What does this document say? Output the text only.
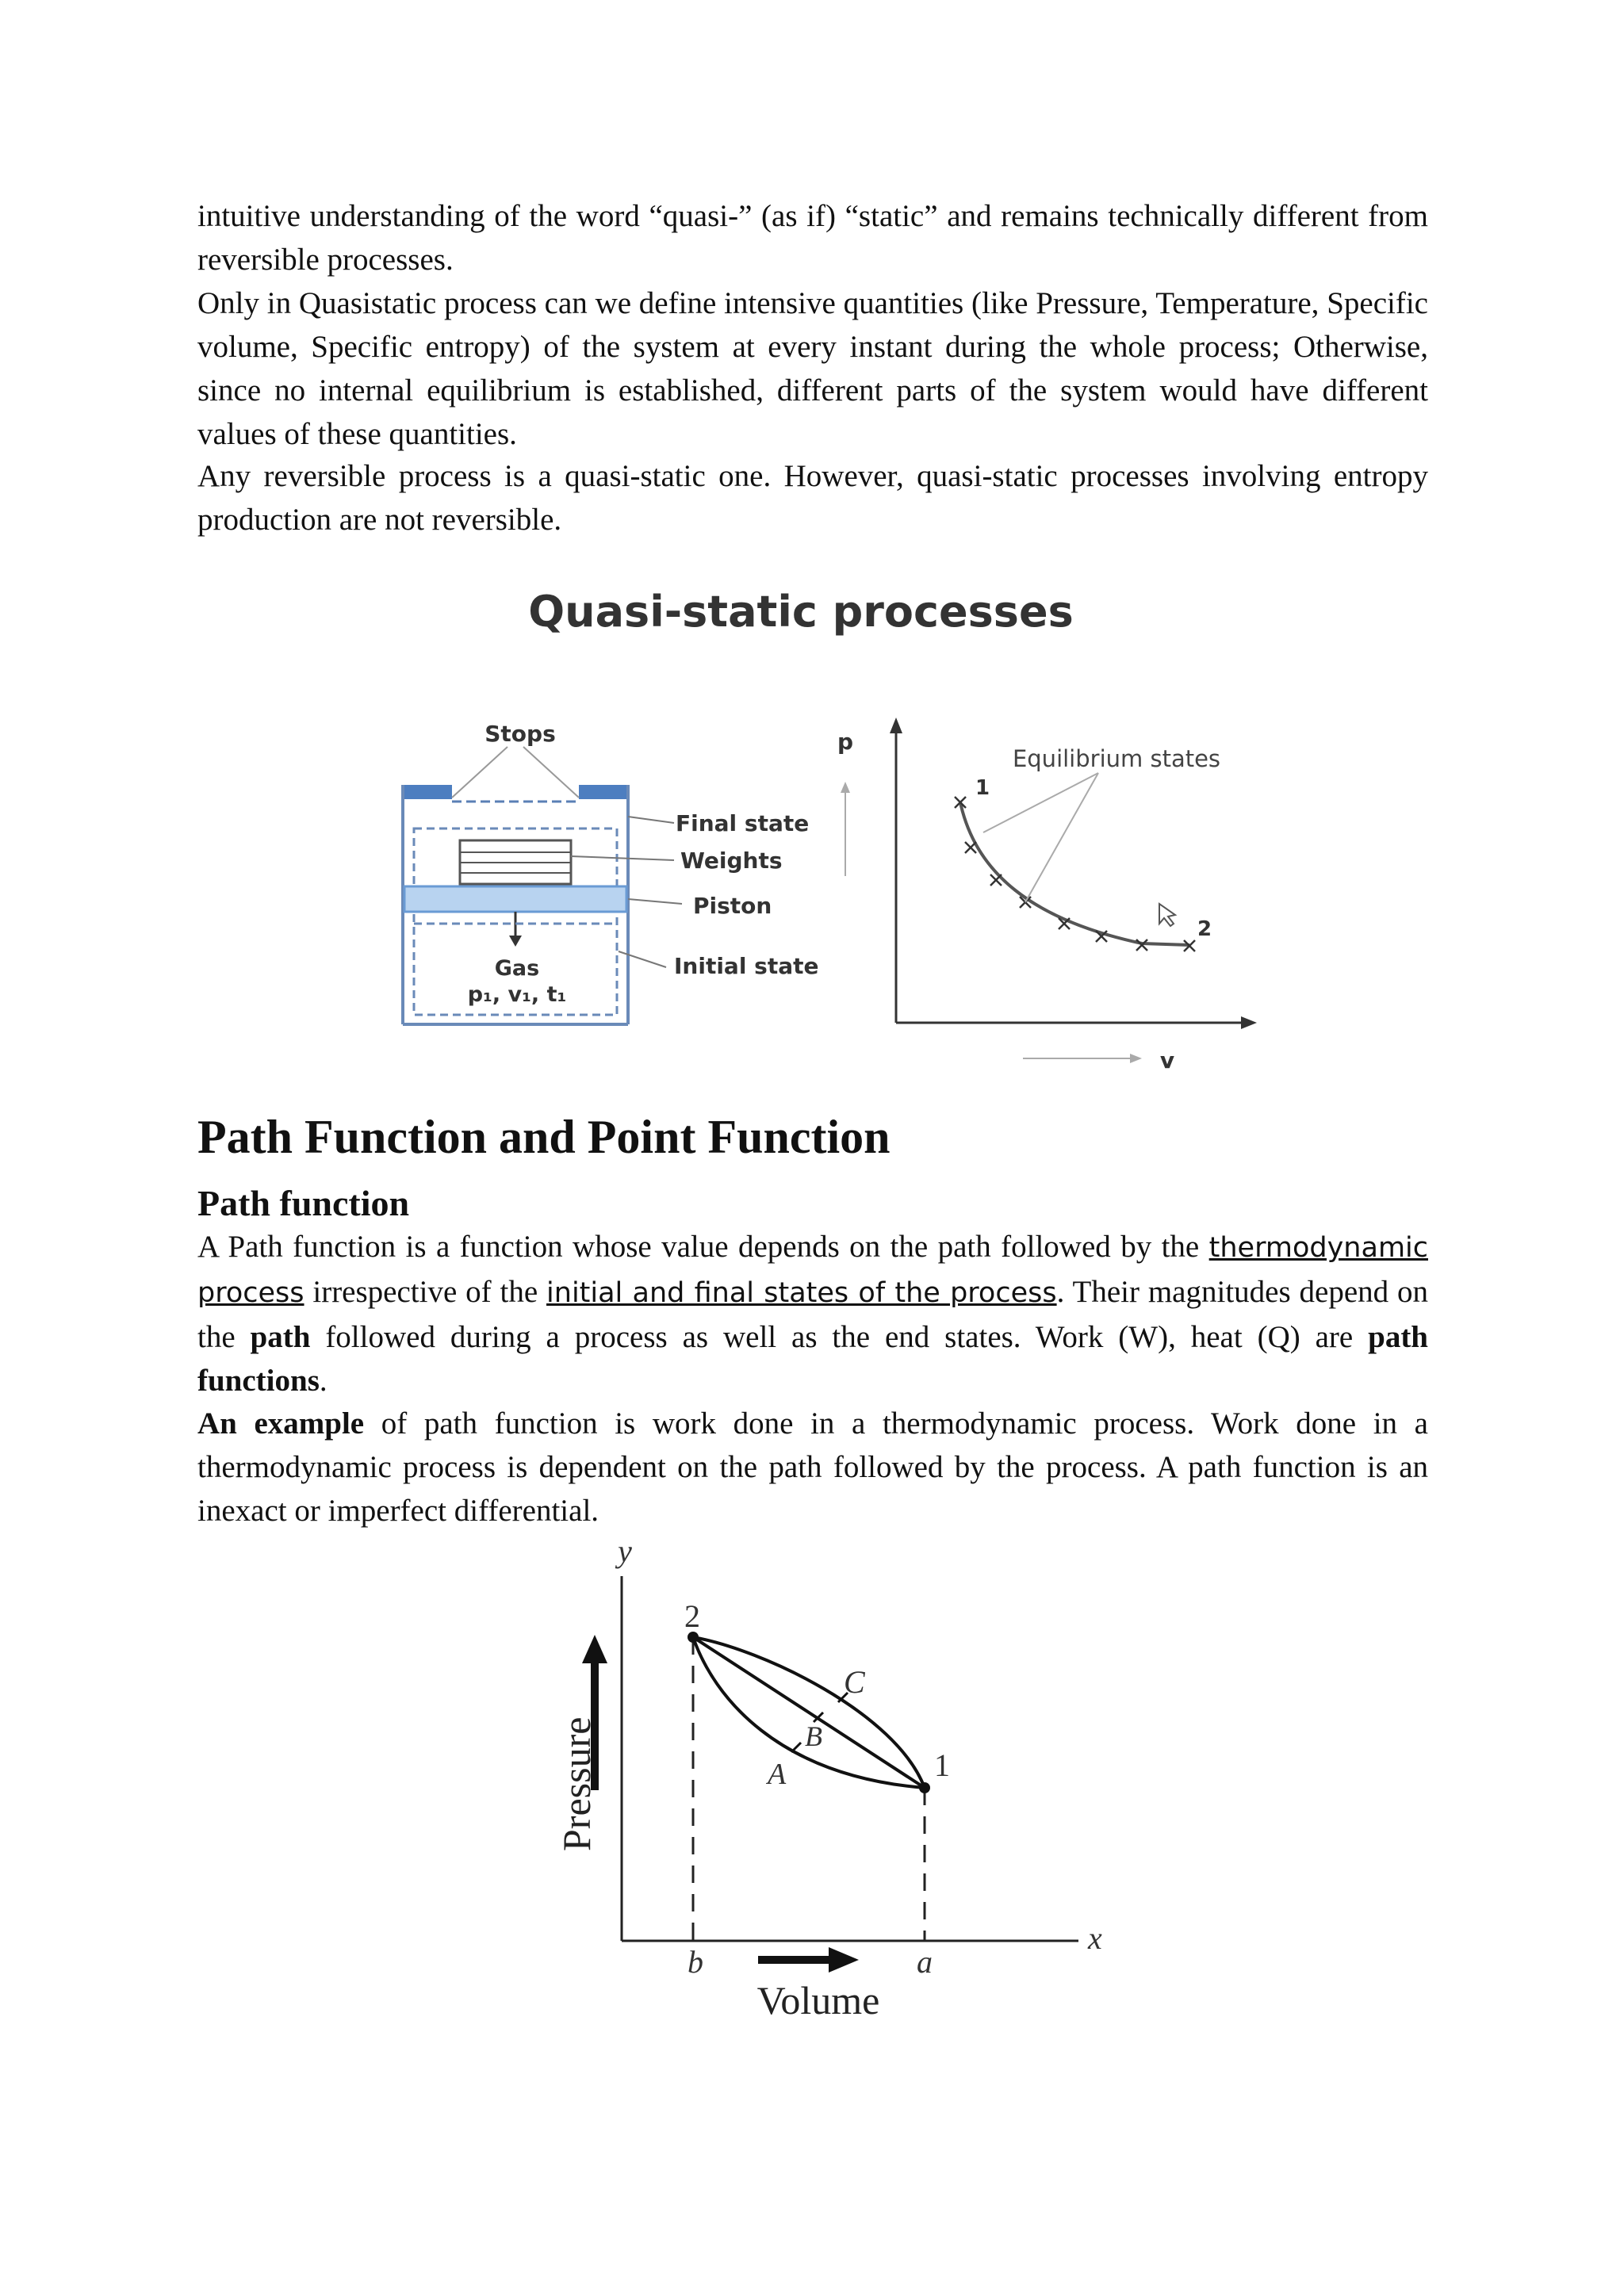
intuitive understanding of the word “quasi-” (as if) “static” and remains technically different from reversible processes.

Only in Quasistatic process can we define intensive quantities (like Pressure, Temperature, Specific volume, Specific entropy) of the system at every instant during the whole process; Otherwise, since no internal equilibrium is established, different parts of the system would have different values of these quantities.

Any reversible process is a quasi-static one. However, quasi-static processes involving entropy production are not reversible.

Quasi-static processes
Stops
Final state
Weights
Piston
Gas
p₁, v₁, t₁
Initial state
p
v
Equilibrium states
1
2
Path Function and Point Function
Path function

A Path function is a function whose value depends on the path followed by the thermodynamic process irrespective of the initial and final states of the process. Their magnitudes depend on the path followed during a process as well as the end states. Work (W), heat (Q) are path functions.

An example of path function is work done in a thermodynamic process. Work done in a thermodynamic process is dependent on the path followed by the process. A path function is an inexact or imperfect differential.

y
x
Pressure
2
1
A
B
C
b	a
Volume
